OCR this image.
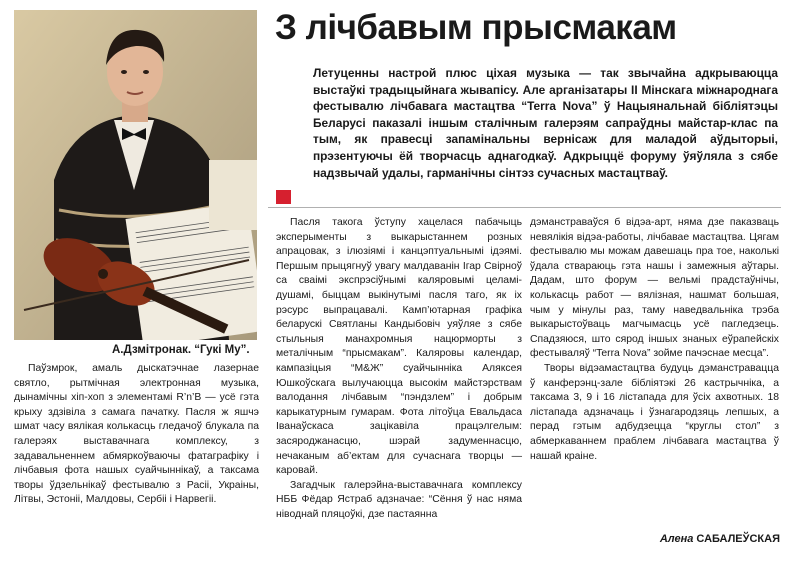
А.Дзмітронак. “Гукі Му”.
З лічбавым прысмакам

Летуценны настрой плюс ціхая музыка — так звычайна адкрываюцца выстаўкі традыцыйнага жывапісу. Але арганізатары II Мінскага міжнароднага фестывалю лічбавага мастацтва “Terra Nova” ў Нацыянальнай бібліятэцы Беларусі паказалі іншым сталічным галерэям сапраўдны майстар-клас па тым, як правесці запамінальны вернісаж для маладой аўдыторыі, прэзентуючы ёй творчасць аднагодкаў. Адкрыццё форуму ўяўляла з сябе надзвычай удалы, гарманічны сінтэз сучасных мастацтваў.

Паўзмрок, амаль дыскатэчнае лазернае святло, рытмічная электронная музыка, дынамічны хіп-хоп з элементамі R’n’B — усё гэта крыху здзівіла з самага пачатку. Пасля ж яшчэ шмат часу вялікая колькасць гледачоў блукала па галерэях выставачнага комплексу, з задавальненнем абмяркоўваючы фатаграфіку і лічбавыя фота нашых суайчыннікаў, а таксама творы ўдзельнікаў фестывалю з Расіі, Украіны, Літвы, Эстоніі, Малдовы, Сербіі і Нарвегіі.

Пасля такога ўступу хацелася пабачыць эксперыменты з выкарыстаннем розных апрацовак, з ілюзіямі і канцэптуальнымі ідэямі. Першым прыцягнуў увагу малдаванін Ігар Свірноў са сваімі экспрэсіўнымі каляровымі целамі-душамі, быццам выкінутымі пасля таго, як іх рэсурс выпрацавалі. Камп’ютарная графіка беларускі Святланы Кандыбовіч уяўляе з сябе стыльныя манахромныя нацюрморты з металічным “прысмакам”. Каляровы календар, кампазіцыя “М&Ж” суайчынніка Аляксея Юшкоўскага вылучаюцца высокім майстэрствам валодання лічбавым “пэндзлем” і добрым карыкатурным гумарам. Фота літоўца Евальдаса Іванаўскаса зацікавіла працэлгелым: засяроджанасцю, шэрай задуменнасцю, нечаканым аб’ектам для сучаснага творцы — каровай.

Загадчык галерэйна-выставачнага комплексу НББ Фёдар Ястраб адзначае: “Сёння ў нас няма ніводнай пляцоўкі, дзе пастаянна

дэманстраваўся б відэа-арт, няма дзе паказваць невялікія відэа-работы, лічбавае мастацтва. Цягам фестывалю мы можам давешаць пра тое, наколькі ўдала ствараюць гэта нашы і замежныя аўтары. Дадам, што форум — вельмі прадстаўнічы, колькасць работ — вялізная, нашмат большая, чым у мінулы раз, таму наведвальніка трэба выкарыстоўваць магчымасць усё пагледзець. Спадзяюся, што сярод іншых знаных еўрапейскіх фестываляў “Terra Nova” зойме пачэснае месца”.

Творы відэамастацтва будуць дэманстравацца ў канферэнц-зале бібліятэкі 26 кастрычніка, а таксама 3, 9 і 16 лістапада для ўсіх ахвотных. 18 лістапада адзначаць і ўзнагародзяць лепшых, а перад гэтым адбудзецца “круглы стол” з абмеркаваннем праблем лічбавага мастацтва ў нашай краіне.

Алена САБАЛЕЎСКАЯ
